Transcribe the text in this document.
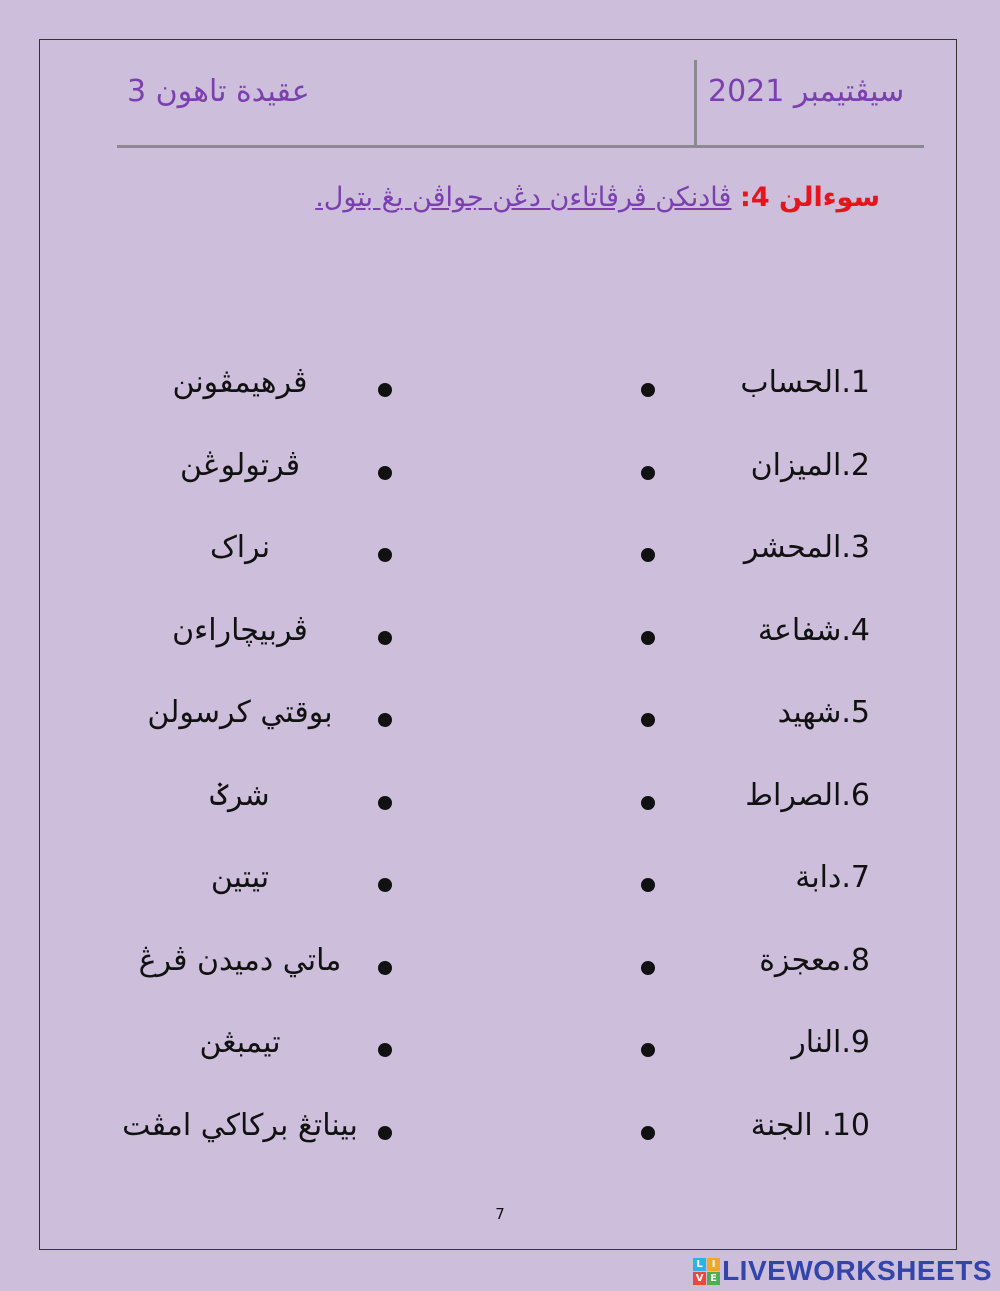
سيڤتيمبر 2021
عقيدة تاهون 3
سوءالن 4: ڤادنكن ڤرڤاتاءن دڠن جواڤن يڠ بتول.
1.الحساب
ڤرهيمڤونن
2.الميزان
ڤرتولوڠن
3.المحشر
نراک
4.شفاعة
ڤربيچاراءن
5.شهيد
بوقتي كرسولن
6.الصراط
شرݢ
7.دابة
تيتين
8.معجزة
ماتي دميدن ڤرڠ
9.النار
تيمبڠن
10. الجنة
بيناتڠ بركاكي امڤت
7
L I
V E LIVEWORKSHEETS
